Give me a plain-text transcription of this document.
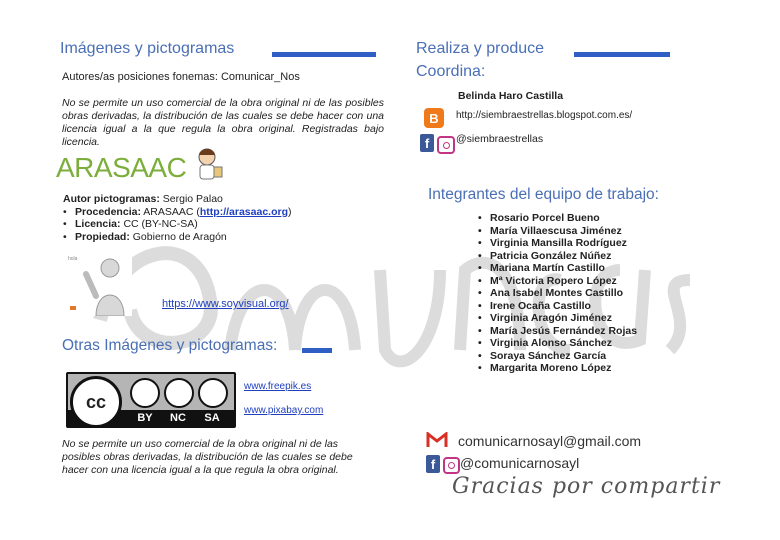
Imágenes y pictogramas
Autores/as posiciones fonemas: Comunicar_Nos
No se permite un uso comercial de la obra original ni de las posibles obras derivadas, la distribución de las cuales se debe hacer con una licencia igual a la que regula la obra original. Registradas bajo licencia.
ARASAAC
Autor pictogramas: Sergio Palao
• Procedencia: ARASAAC (http://arasaac.org)
• Licencia: CC (BY-NC-SA)
• Propiedad: Gobierno de Aragón
hola
https://www.soyvisual.org/
Otras Imágenes y pictogramas:
cc
BY	NC	SA
www.freepik.es
www.pixabay.com
No se permite un uso comercial de la obra original ni de las posibles obras derivadas, la distribución de las cuales se debe hacer con una licencia igual a la que regula la obra original.
Realiza y produce
Coordina:
Belinda Haro Castilla
B	http://siembraestrellas.blogspot.com.es/
f	@siembraestrellas
Integrantes del equipo de trabajo:
• Rosario Porcel Bueno
• María Villaescusa Jiménez
• Virginia Mansilla Rodríguez
• Patricia González Núñez
• Mariana Martín Castillo
• Mª Victoria Ropero López
• Ana Isabel Montes Castillo
• Irene Ocaña Castillo
• Virginia Aragón Jiménez
• María Jesús Fernández Rojas
• Virginia Alonso Sánchez
• Soraya Sánchez García
• Margarita Moreno López
comunicarnosayl@gmail.com
f	@comunicarnosayl
Gracias por compartir
